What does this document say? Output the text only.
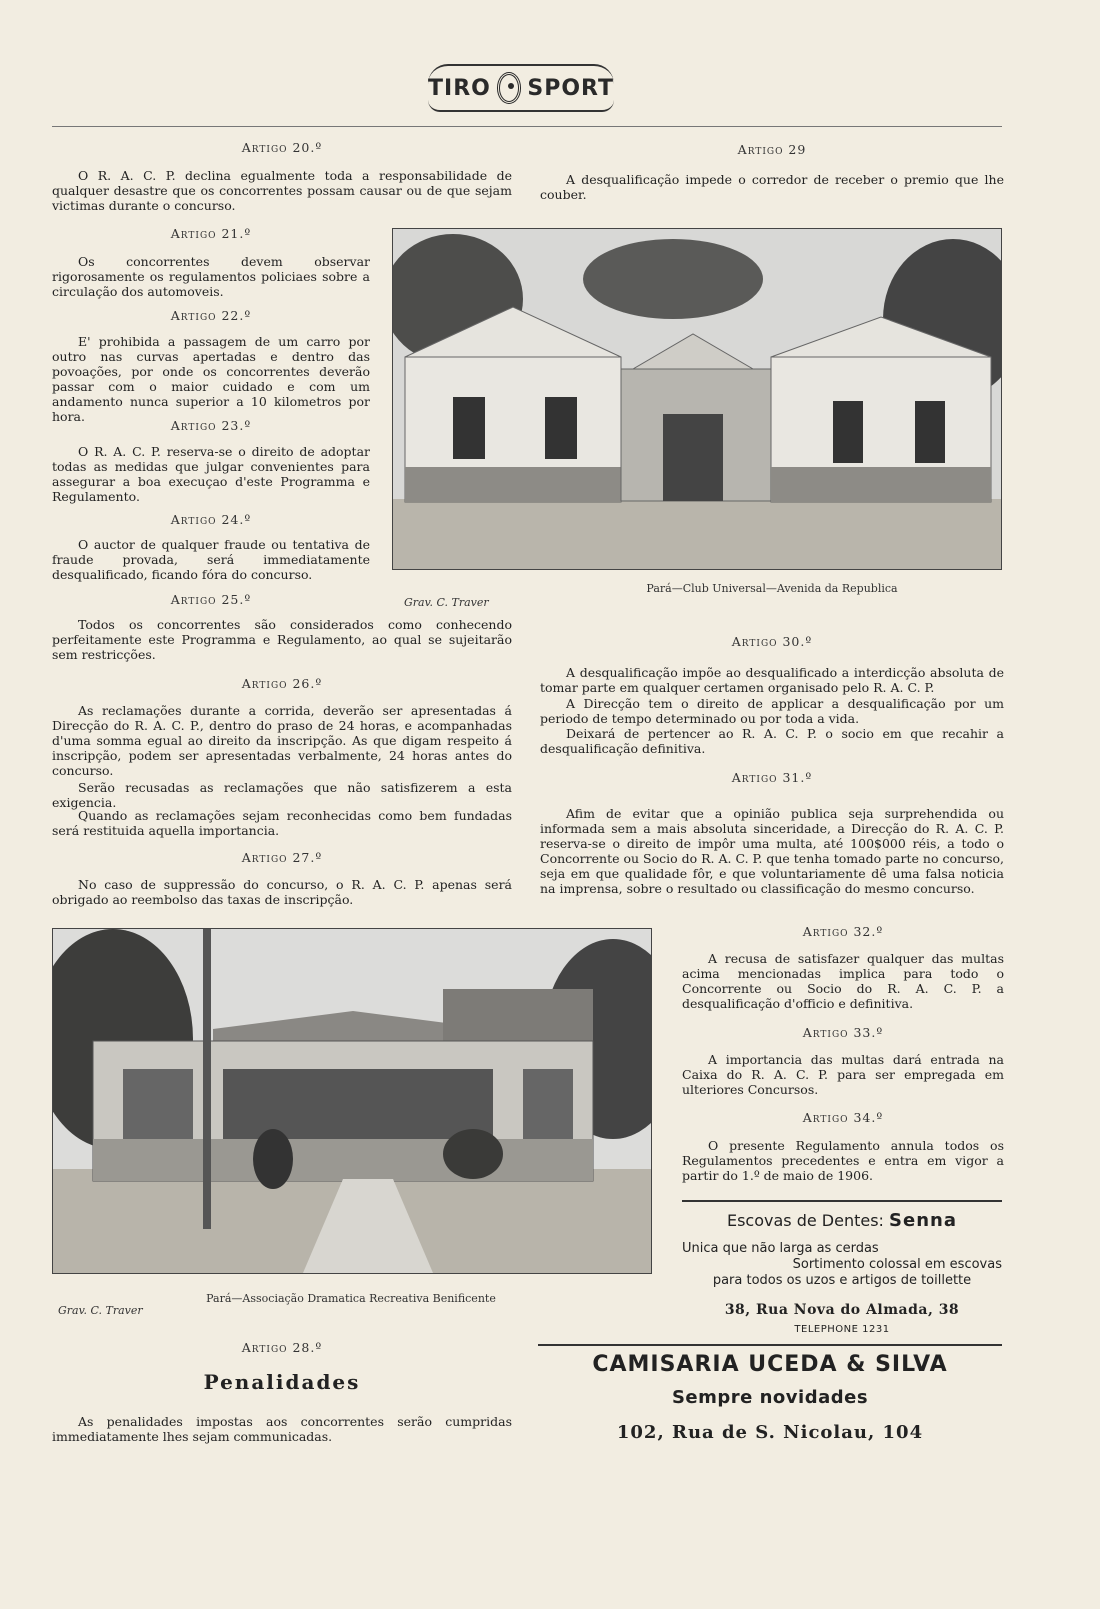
TIRO SPORT
Artigo 20.º

O R. A. C. P. declina egualmente toda a responsabilidade de qualquer desastre que os concorrentes possam causar ou de que sejam victimas durante o concurso.

Artigo 21.º

Os concorrentes devem observar rigorosamente os regulamentos policiaes sobre a circulação dos automoveis.

Artigo 22.º

E' prohibida a passagem de um carro por outro nas curvas apertadas e dentro das povoações, por onde os concorrentes deverão passar com o maior cuidado e com um andamento nunca superior a 10 kilometros por hora.

Artigo 23.º

O R. A. C. P. reserva-se o direito de adoptar todas as medidas que julgar convenientes para assegurar a boa execuçao d'este Programma e Regulamento.

Artigo 24.º

O auctor de qualquer fraude ou tentativa de fraude provada, será immediatamente desqualificado, ficando fóra do concurso.

Artigo 25.º

Todos os concorrentes são considerados como conhecendo perfeitamente este Programma e Regulamento, ao qual se sujeitarão sem restricções.

Artigo 26.º

As reclamações durante a corrida, deverão ser apresentadas á Direcção do R. A. C. P., dentro do praso de 24 horas, e acompanhadas d'uma somma egual ao direito da inscripção. As que digam respeito á inscripção, podem ser apresentadas verbalmente, 24 horas antes do concurso.

Serão recusadas as reclamações que não satisfizerem a esta exigencia.

Quando as reclamações sejam reconhecidas como bem fundadas será restituida aquella importancia.

Artigo 27.º

No caso de suppressão do concurso, o R. A. C. P. apenas será obrigado ao reembolso das taxas de inscripção.

Artigo 29

A desqualificação impede o corredor de receber o premio que lhe couber.

Grav. C. Traver
Pará—Club Universal—Avenida da Republica
Artigo 30.º

A desqualificação impõe ao desqualificado a interdicção absoluta de tomar parte em qualquer certamen organisado pelo R. A. C. P.

A Direcção tem o direito de applicar a desqualificação por um periodo de tempo determinado ou por toda a vida.

Deixará de pertencer ao R. A. C. P. o socio em que recahir a desqualificação definitiva.

Artigo 31.º

Afim de evitar que a opinião publica seja surprehendida ou informada sem a mais absoluta sinceridade, a Direcção do R. A. C. P. reserva-se o direito de impôr uma multa, até 100$000 réis, a todo o Concorrente ou Socio do R. A. C. P. que tenha tomado parte no concurso, seja em que qualidade fôr, e que voluntariamente dê uma falsa noticia na imprensa, sobre o resultado ou classificação do mesmo concurso.

Pará—Associação Dramatica Recreativa Benificente
Grav. C. Traver
Artigo 32.º

A recusa de satisfazer qualquer das multas acima mencionadas implica para todo o Concorrente ou Socio do R. A. C. P. a desqualificação d'officio e definitiva.

Artigo 33.º

A importancia das multas dará entrada na Caixa do R. A. C. P. para ser empregada em ulteriores Concursos.

Artigo 34.º

O presente Regulamento annula todos os Regulamentos precedentes e entra em vigor a partir do 1.º de maio de 1906.

Escovas de Dentes: Senna
Unica que não larga as cerdas
Sortimento colossal em escovas
para todos os uzos e artigos de toillette
38, Rua Nova do Almada, 38
TELEPHONE 1231
CAMISARIA UCEDA & SILVA
Sempre novidades
102, Rua de S. Nicolau, 104
Artigo 28.º
Penalidades

As penalidades impostas aos concorrentes serão cumpridas immediatamente lhes sejam communicadas.
